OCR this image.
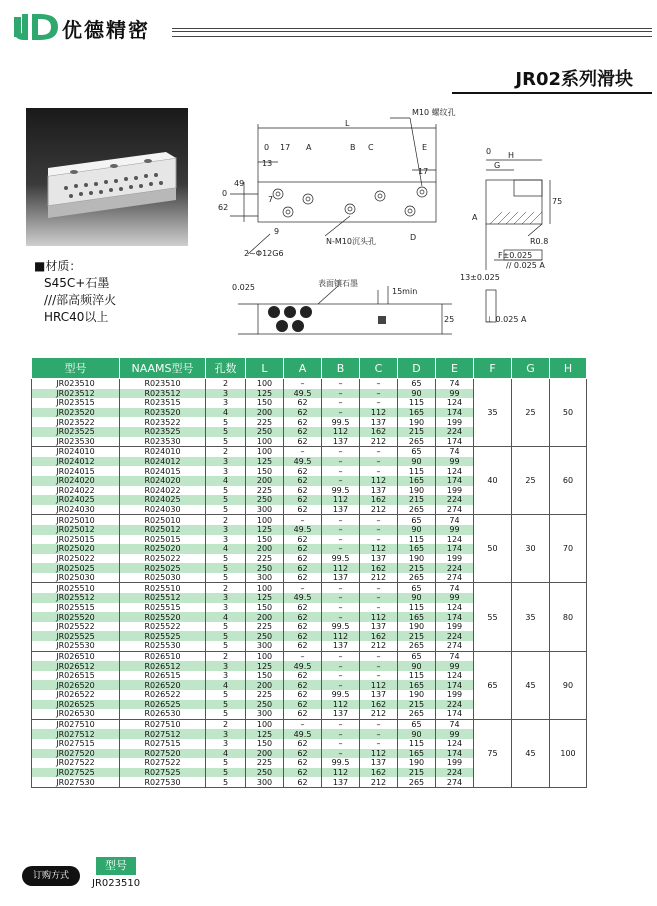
优德精密
JR02系列滑块
■材质：
S45C+石墨
///部高频淬火
HRC40以上
M10 螺纹孔
L
A	B C	E
D
0 17
13
17
49
62
0
7
9
N-M10沉头孔
2~Φ12G6
0 H
G
75
A
R0.8
F±0.025
// 0.025 A
13±0.025
⊥ 0.025 A
表面镶石墨
15min
25
0.025
型号	NAAMS型号	孔数	L	A	B	C	D	E	F	G	H
JR023510	R023510	2	100	–	–	–	65	74	35	25	50
JR023512	R023512	3	125	49.5	–	–	90	99			
JR023515	R023515	3	150	62	–	–	115	124			
JR023520	R023520	4	200	62	–	112	165	174			
JR023522	R023522	5	225	62	99.5	137	190	199			
JR023525	R023525	5	250	62	112	162	215	224			
JR023530	R023530	5	100	62	137	212	265	174			
JR024010	R024010	2	100	–	–	–	65	74	40	25	60
JR024012	R024012	3	125	49.5	–	–	90	99			
JR024015	R024015	3	150	62	–	–	115	124			
JR024020	R024020	4	200	62	–	112	165	174			
JR024022	R024022	5	225	62	99.5	137	190	199			
JR024025	R024025	5	250	62	112	162	215	224			
JR024030	R024030	5	300	62	137	212	265	274			
JR025010	R025010	2	100	–	–	–	65	74	50	30	70
JR025012	R025012	3	125	49.5	–	–	90	99			
JR025015	R025015	3	150	62	–	–	115	124			
JR025020	R025020	4	200	62	–	112	165	174			
JR025022	R025022	5	225	62	99.5	137	190	199			
JR025025	R025025	5	250	62	112	162	215	224			
JR025030	R025030	5	300	62	137	212	265	274			
JR025510	R025510	2	100	–	–	–	65	74	55	35	80
JR025512	R025512	3	125	49.5	–	–	90	99			
JR025515	R025515	3	150	62	–	–	115	124			
JR025520	R025520	4	200	62	–	112	165	174			
JR025522	R025522	5	225	62	99.5	137	190	199			
JR025525	R025525	5	250	62	112	162	215	224			
JR025530	R025530	5	300	62	137	212	265	274			
JR026510	R026510	2	100	–	–	–	65	74	65	45	90
JR026512	R026512	3	125	49.5	–	–	90	99			
JR026515	R026515	3	150	62	–	–	115	124			
JR026520	R026520	4	200	62	–	112	165	174			
JR026522	R026522	5	225	62	99.5	137	190	199			
JR026525	R026525	5	250	62	112	162	215	224			
JR026530	R026530	5	300	62	137	212	265	174			
JR027510	R027510	2	100	–	–	–	65	74	75	45	100
JR027512	R027512	3	125	49.5	–	–	90	99			
JR027515	R027515	3	150	62	–	–	115	124			
JR027520	R027520	4	200	62	–	112	165	174			
JR027522	R027522	5	225	62	99.5	137	190	199			
JR027525	R027525	5	250	62	112	162	215	224			
JR027530	R027530	5	300	62	137	212	265	274			
订购方式
型号
JR023510
